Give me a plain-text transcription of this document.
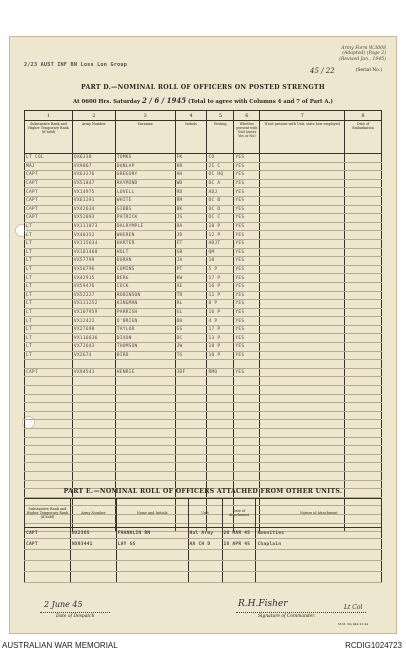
Army Form W.3008
(Adapted) (Page 2)
(Revised Jan., 1945)
2/23 AUST INF BN Loss Lon Group
45 / 22	(Serial No.)
PART D.—NOMINAL ROLL OF OFFICERS ON POSTED STRENGTH
At 0600 Hrs. Saturday 2 / 6 / 1945 (Total to agree with Columns 4 and 7 of Part A.)
1	2	3	4	5	6	7	8
Substantive Rank and Higher Temporary Rank (if held)	Army Number	Surname	Initials	Posting	Whether present with Unit (enter Yes or No)	If not present with Unit, state how employed	Date of Embarkation
LT COL	QX6330	TOMKS	FK	CO	YES		
MAJ	VX9067	DUNLAP	KR	2I C	YES		
CAPT	VX63276	GREGORY	AH	OC HQ	YES		
CAPT	VX51847	RAYMOND	WD	OC A	YES		
CAPT	VX14975	LOVELL	RD	ADJ	YES		
CAPT	VX61291	WHITE	RM	OC B	YES		
CAPT	VX42634	GIBBS	BK	OC D	YES		
CAPT	VX52893	PATRICK	JS	OC C	YES		
LT	VX111073	DALRYMPLE	RA	10 P	YES		
LT	VX40352	WHEREN	JD	12 P	YES		
LT	VX115634	HARTER	FT	ADJT	YES		
LT	VX101460	HOLT	GB	QM	YES		
LT	VX57799	DORAN	JA	18	YES		
LT	VX58796	COMINS	PT	5 P	YES		
LT	VX42915	BERG	KW	17 P	YES		
LT	VX59476	COCK	AE	16 P	YES		
LT	VX52227	ROBINSON	TR	11 P	YES		
LT	VX111252	KINGMAN	RL	8 P	YES		
LT	VX107959	PARRISH	GL	16 P	YES		
LT	VX12422	O'BRIEN	DH	4 P	YES		
LT	VX27698	TAYLOR	GS	17 P	YES		
LT	VX116636	DIXON	DC	13 P	YES		
LT	VX72643	THOMSON	JW	10 P	YES		
LT	VX2674	BIRD	TG	10 P	YES		

CAPT	VX94541	HENRIE	JDF	RMO	YES		

PART E.—NOMINAL ROLL OF OFFICERS ATTACHED FROM OTHER UNITS.
Substantive Rank and Higher Temporary Rank (if held)	Army Number	Name and Initials	Unit	Date of Attachment	Nature of Attachment
CAPT	NX2365	FRANKLIN RN	Hal Army	20 MAR 45	Amenities
CAPT	NX93441	LAY GS	AA CH D	16 APR 45	Chaplain

2 June 45
Date of Despatch
R.H.Fisher	Lt Col
Signature of Commander.
M.M. 3m 944 22 44
AUSTRALIAN WAR MEMORIAL	RCDIG1024723
